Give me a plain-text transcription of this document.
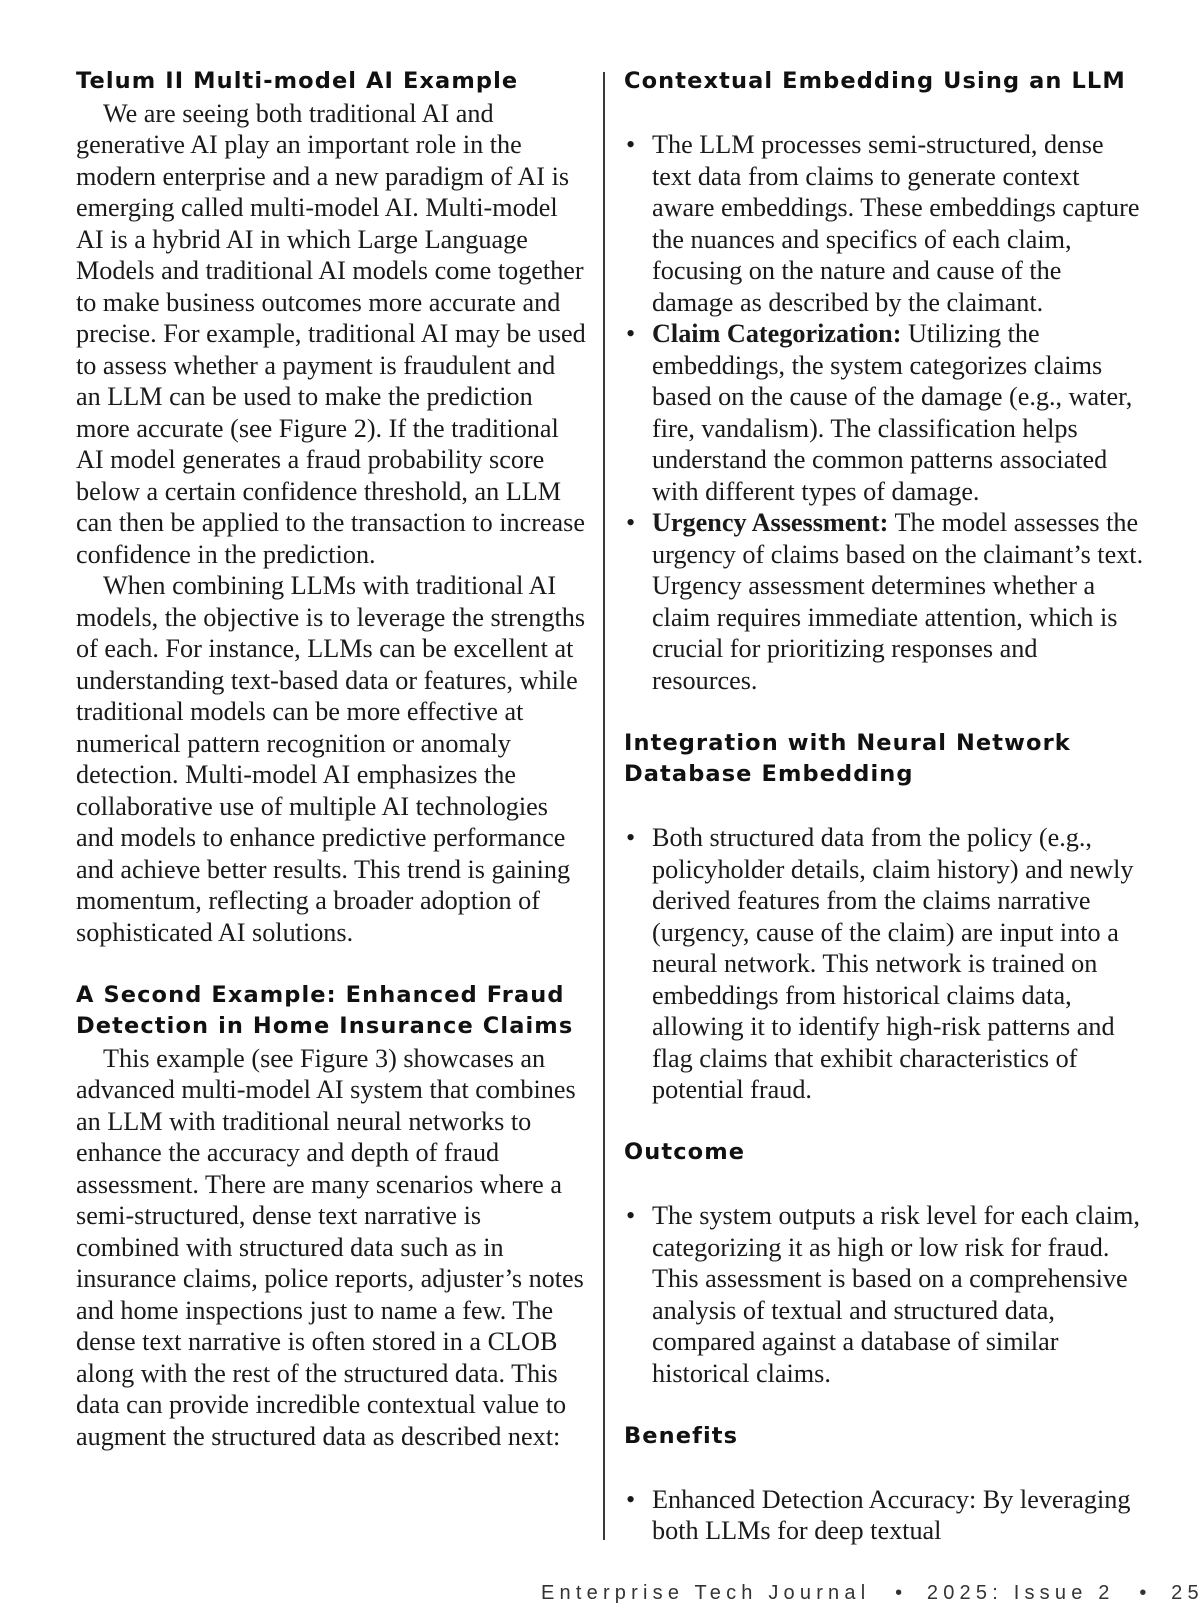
Telum II Multi-model AI Example

We are seeing both traditional AI and generative AI play an important role in the modern enterprise and a new paradigm of AI is emerging called multi-model AI. Multi-model AI is a hybrid AI in which Large Language Models and traditional AI models come together to make business outcomes more accurate and precise. For example, traditional AI may be used to assess whether a payment is fraudulent and an LLM can be used to make the prediction more accurate (see Figure 2). If the traditional AI model generates a fraud probability score below a certain confidence threshold, an LLM can then be applied to the transaction to increase confidence in the prediction.

When combining LLMs with traditional AI models, the objective is to leverage the strengths of each. For instance, LLMs can be excellent at understanding text-based data or features, while traditional models can be more effective at numerical pattern recognition or anomaly detection. Multi-model AI emphasizes the collaborative use of multiple AI technologies and models to enhance predictive performance and achieve better results. This trend is gaining momentum, reflecting a broader adoption of sophisticated AI solutions.

A Second Example: Enhanced Fraud Detection in Home Insurance Claims

This example (see Figure 3) showcases an advanced multi-model AI system that combines an LLM with traditional neural networks to enhance the accuracy and depth of fraud assessment. There are many scenarios where a semi-structured, dense text narrative is combined with structured data such as in insurance claims, police reports, adjuster’s notes and home inspections just to name a few. The dense text narrative is often stored in a CLOB along with the rest of the structured data. This data can provide incredible contextual value to augment the structured data as described next:

Contextual Embedding Using an LLM
• The LLM processes semi-structured, dense text data from claims to generate context aware embeddings. These embeddings capture the nuances and specifics of each claim, focusing on the nature and cause of the damage as described by the claimant.
• Claim Categorization: Utilizing the embeddings, the system categorizes claims based on the cause of the damage (e.g., water, fire, vandalism). The classification helps understand the common patterns associated with different types of damage.
• Urgency Assessment: The model assesses the urgency of claims based on the claimant’s text. Urgency assessment determines whether a claim requires immediate attention, which is crucial for prioritizing responses and resources.
Integration with Neural Network Database Embedding
• Both structured data from the policy (e.g., policyholder details, claim history) and newly derived features from the claims narrative (urgency, cause of the claim) are input into a neural network. This network is trained on embeddings from historical claims data, allowing it to identify high-risk patterns and flag claims that exhibit characteristics of potential fraud.
Outcome
• The system outputs a risk level for each claim, categorizing it as high or low risk for fraud. This assessment is based on a comprehensive analysis of textual and structured data, compared against a database of similar historical claims.
Benefits
• Enhanced Detection Accuracy: By leveraging both LLMs for deep textual
Enterprise Tech Journal • 2025: Issue 2 • 25
